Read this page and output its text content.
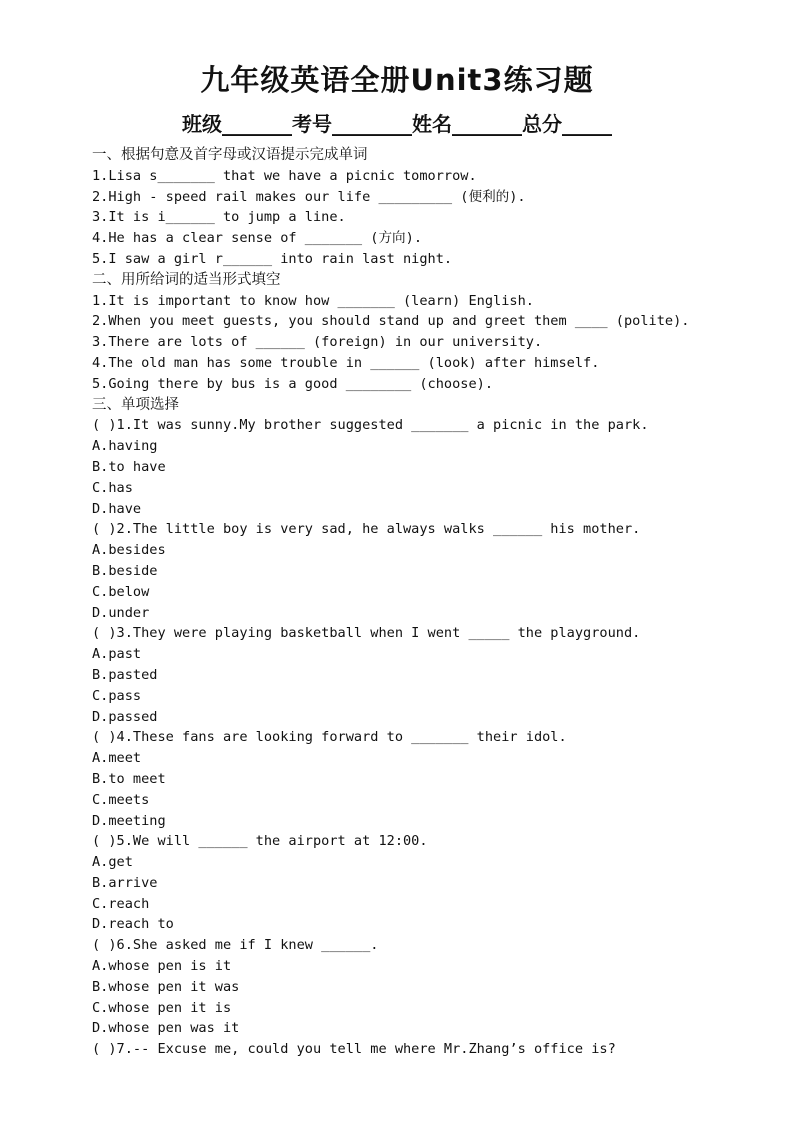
九年级英语全册Unit3练习题
班级_______考号________姓名_______总分_____
一、根据句意及首字母或汉语提示完成单词
1.Lisa s_______ that we have a picnic tomorrow.
2.High - speed rail makes our life _________ (便利的).
3.It is i______ to jump a line.
4.He has a clear sense of _______ (方向).
5.I saw a girl r______ into rain last night.
二、用所给词的适当形式填空
1.It is important to know how _______ (learn) English.
2.When you meet guests, you should stand up and greet them ____ (polite).
3.There are lots of ______ (foreign) in our university.
4.The old man has some trouble in ______ (look) after himself.
5.Going there by bus is a good ________ (choose).
三、单项选择
( )1.It was sunny.My brother suggested _______ a picnic in the park.
A.having
B.to have
C.has
D.have
( )2.The little boy is very sad, he always walks ______ his mother.
A.besides
B.beside
C.below
D.under
( )3.They were playing basketball when I went _____ the playground.
A.past
B.pasted
C.pass
D.passed
( )4.These fans are looking forward to _______ their idol.
A.meet
B.to meet
C.meets
D.meeting
( )5.We will ______ the airport at 12:00.
A.get
B.arrive
C.reach
D.reach to
( )6.She asked me if I knew ______.
A.whose pen is it
B.whose pen it was
C.whose pen it is
D.whose pen was it
( )7.-- Excuse me, could you tell me where Mr.Zhang’s office is?
